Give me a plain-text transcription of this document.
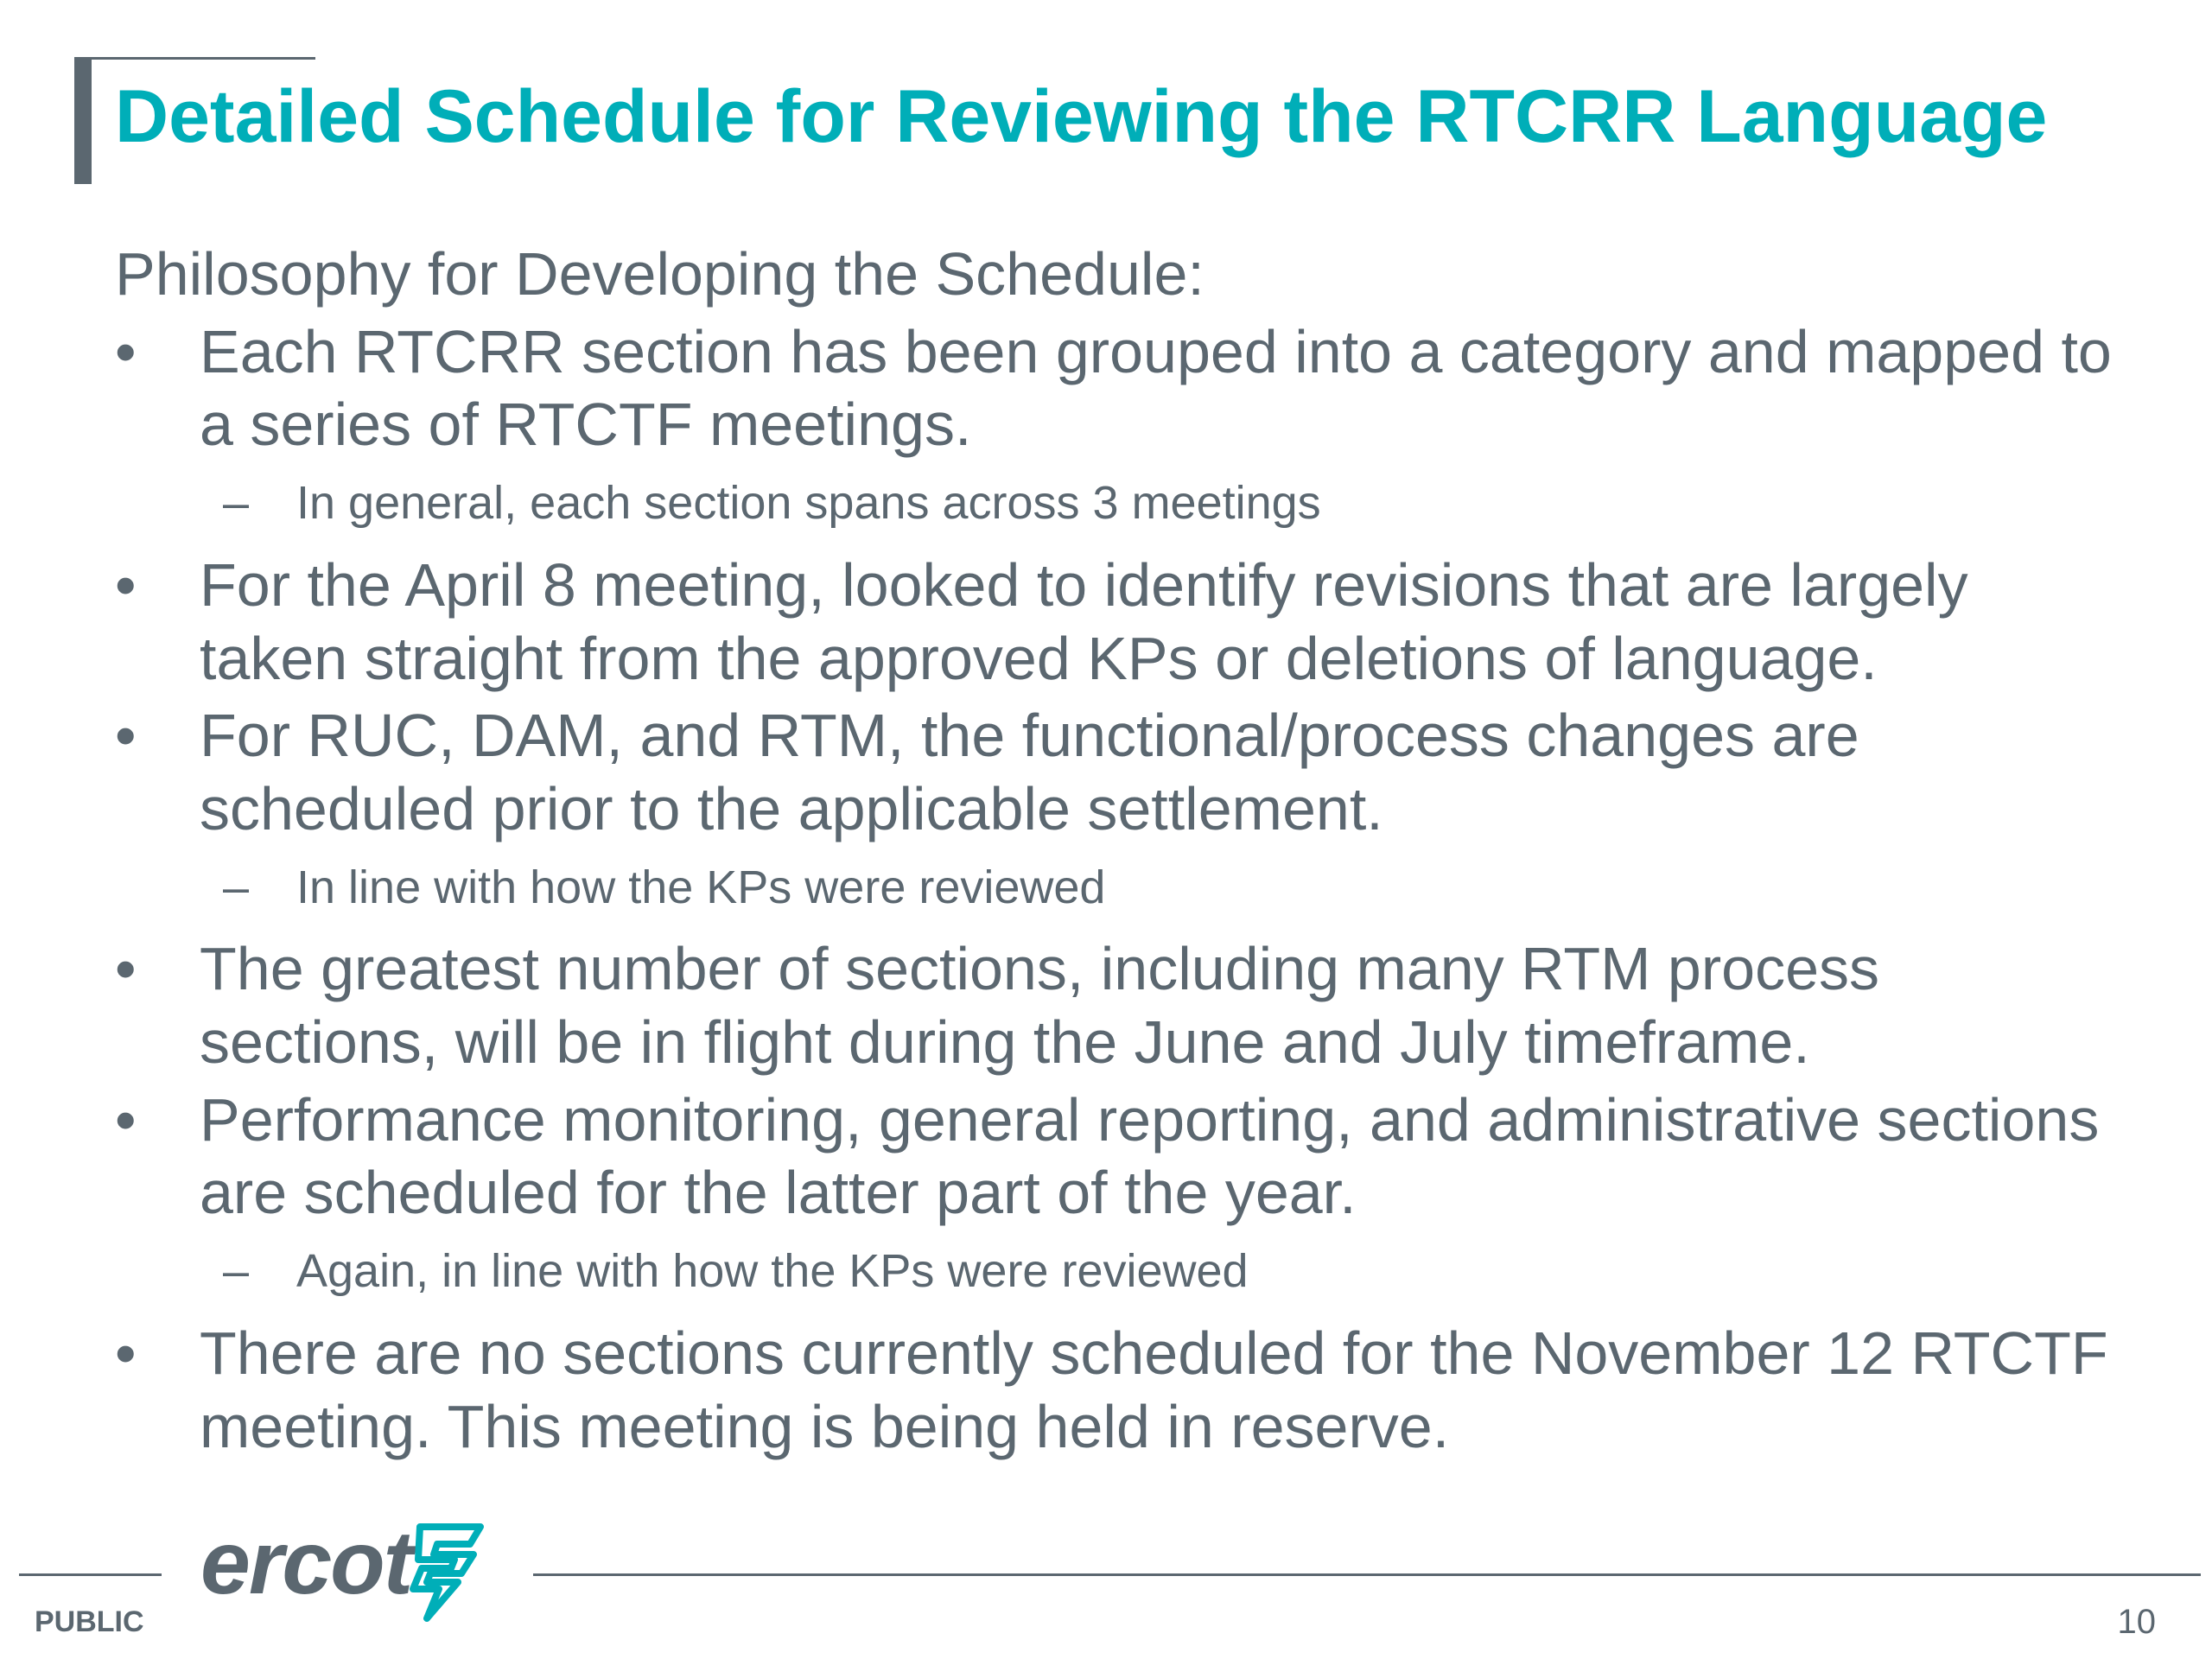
Detailed Schedule for Reviewing the RTCRR Language

Philosophy for Developing the Schedule:

• Each RTCRR section has been grouped into a category and mapped to a series of RTCTF meetings.
– In general, each section spans across 3 meetings
• For the April 8 meeting, looked to identify revisions that are largely taken straight from the approved KPs or deletions of language.
• For RUC, DAM, and RTM, the functional/process changes are scheduled prior to the applicable settlement.
– In line with how the KPs were reviewed
• The greatest number of sections, including many RTM process sections, will be in flight during the June and July timeframe.
• Performance monitoring, general reporting, and administrative sections are scheduled for the latter part of the year.
– Again, in line with how the KPs were reviewed
• There are no sections currently scheduled for the November 12 RTCTF meeting. This meeting is being held in reserve.
ercot
PUBLIC	10
